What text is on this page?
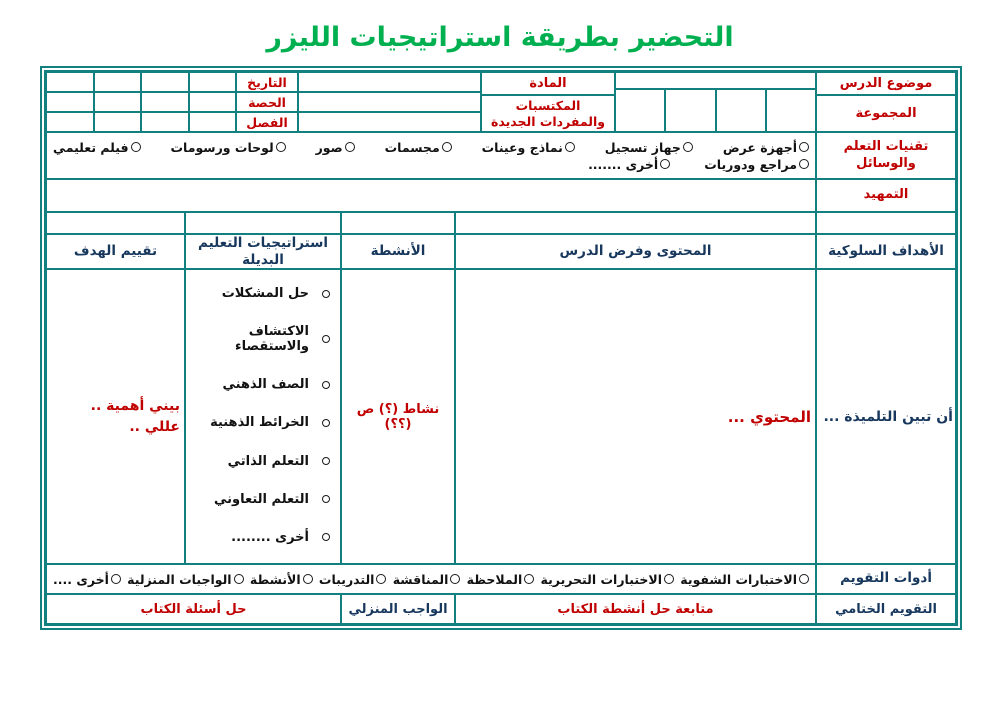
التحضير بطريقة استراتيجيات الليزر
موضوع الدرس
المجموعة
المادة
المكتسبات والمفردات الجديدة
التاريخ
الحصة
الفصل
تقنيات التعلم والوسائل
أجهزة عرض
جهاز تسجيل
نماذج وعينات
مجسمات
صور
لوحات ورسومات
فيلم تعليمي
مراجع ودوريات
أخرى .......
التمهيد
الأهداف السلوكية
المحتوى وفرض الدرس
الأنشطة
استراتيجيات التعليم البديلة
تقييم الهدف
أن تبين التلميذة ...
المحتوي ...
نشاط (؟) ص (؟؟)
حل المشكلات
الاكتشاف والاستقصاء
الصف الذهني
الخرائط الذهنية
التعلم الذاتي
التعلم التعاوني
أخرى ........
بيني أهمية ..
عللي ..
أدوات التقويم
الاختبارات الشفوية
الاختبارات التحريرية
الملاحظة
المناقشة
التدريبات
الأنشطة
الواجبات المنزلية
أخرى ....
التقويم الختامي
متابعة حل أنشطة الكتاب
الواجب المنزلي
حل أسئلة الكتاب
